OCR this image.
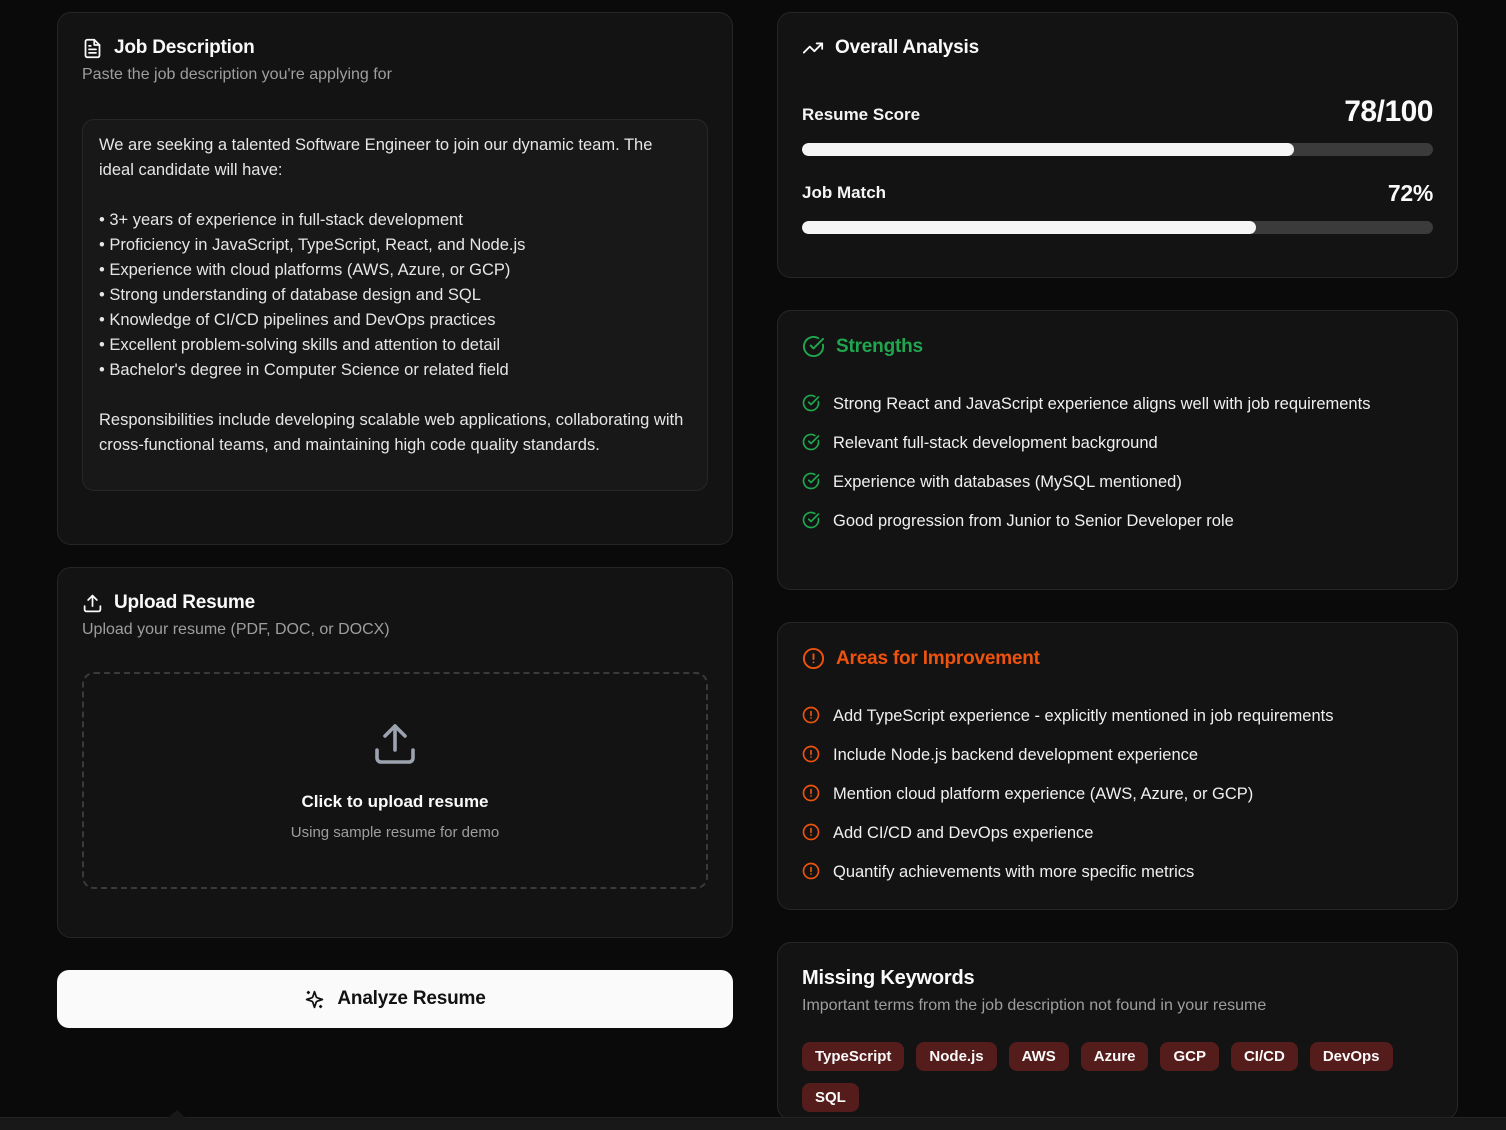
Job Description

Paste the job description you're applying for

We are seeking a talented Software Engineer to join our dynamic team. The ideal candidate will have: • 3+ years of experience in full-stack development • Proficiency in JavaScript, TypeScript, React, and Node.js • Experience with cloud platforms (AWS, Azure, or GCP) • Strong understanding of database design and SQL • Knowledge of CI/CD pipelines and DevOps practices • Excellent problem-solving skills and attention to detail • Bachelor's degree in Computer Science or related field Responsibilities include developing scalable web applications, collaborating with cross-functional teams, and maintaining high code quality standards.
Upload Resume

Upload your resume (PDF, DOC, or DOCX)

Click to upload resume
Using sample resume for demo
Analyze Resume
Overall Analysis
Resume Score	78/100
Job Match	72%
Strengths
Strong React and JavaScript experience aligns well with job requirements
Relevant full-stack development background
Experience with databases (MySQL mentioned)
Good progression from Junior to Senior Developer role
Areas for Improvement
Add TypeScript experience - explicitly mentioned in job requirements
Include Node.js backend development experience
Mention cloud platform experience (AWS, Azure, or GCP)
Add CI/CD and DevOps experience
Quantify achievements with more specific metrics
Missing Keywords

Important terms from the job description not found in your resume

TypeScript	Node.js	AWS	Azure	GCP	CI/CD	DevOps
SQL
